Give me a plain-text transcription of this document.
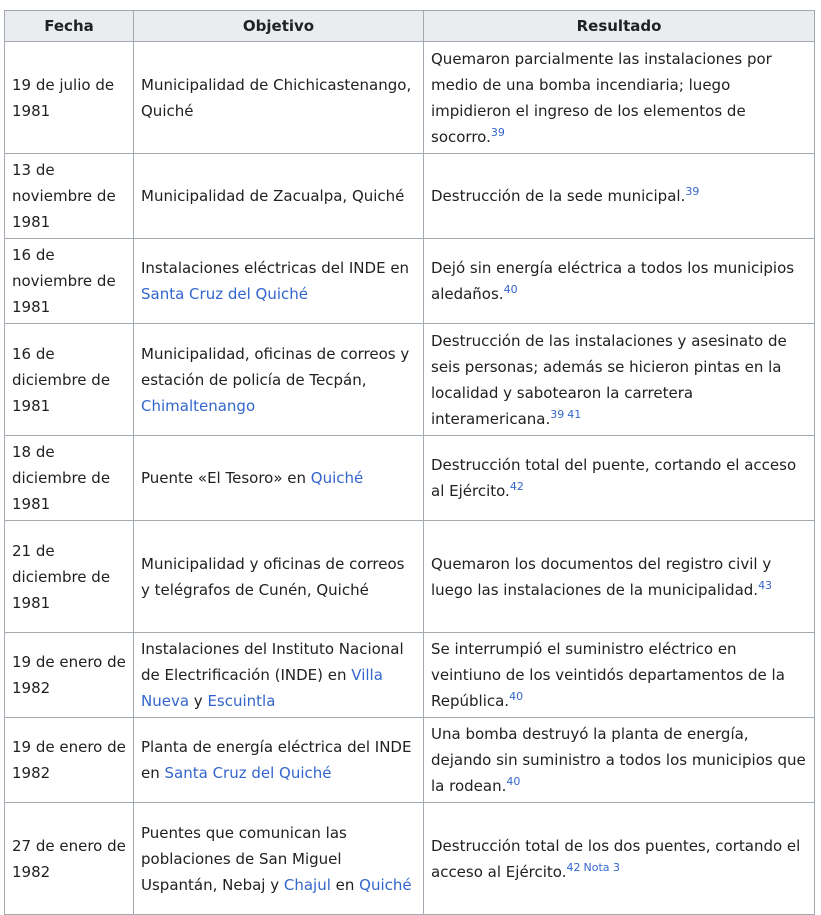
Fecha	Objetivo	Resultado
19 de julio de 1981	Municipalidad de Chichicastenango, Quiché	Quemaron parcialmente las instalaciones por medio de una bomba incendiaria; luego impidieron el ingreso de los elementos de socorro.$^{39}$
13 de noviembre de 1981	Municipalidad de Zacualpa, Quiché	Destrucción de la sede municipal.$^{39}$
16 de noviembre de 1981	Instalaciones eléctricas del INDE en Santa Cruz del Quiché	Dejó sin energía eléctrica a todos los municipios aledaños.$^{40}$
16 de diciembre de 1981	Municipalidad, oficinas de correos y estación de policía de Tecpán, Chimaltenango	Destrucción de las instalaciones y asesinato de seis personas; además se hicieron pintas en la localidad y sabotearon la carretera interamericana.$^{39 41}$
18 de diciembre de 1981	Puente «El Tesoro» en Quiché	Destrucción total del puente, cortando el acceso al Ejército.$^{42}$
21 de diciembre de 1981	Municipalidad y oficinas de correos y telégrafos de Cunén, Quiché	Quemaron los documentos del registro civil y luego las instalaciones de la municipalidad.$^{43}$
19 de enero de 1982	Instalaciones del Instituto Nacional de Electrificación (INDE) en Villa Nueva y Escuintla	Se interrumpió el suministro eléctrico en veintiuno de los veintidós departamentos de la República.$^{40}$
19 de enero de 1982	Planta de energía eléctrica del INDE en Santa Cruz del Quiché	Una bomba destruyó la planta de energía, dejando sin suministro a todos los municipios que la rodean.$^{40}$
27 de enero de 1982	Puentes que comunican las poblaciones de San Miguel Uspantán, Nebaj y Chajul en Quiché	Destrucción total de los dos puentes, cortando el acceso al Ejército.$^{42 Nota 3}$
